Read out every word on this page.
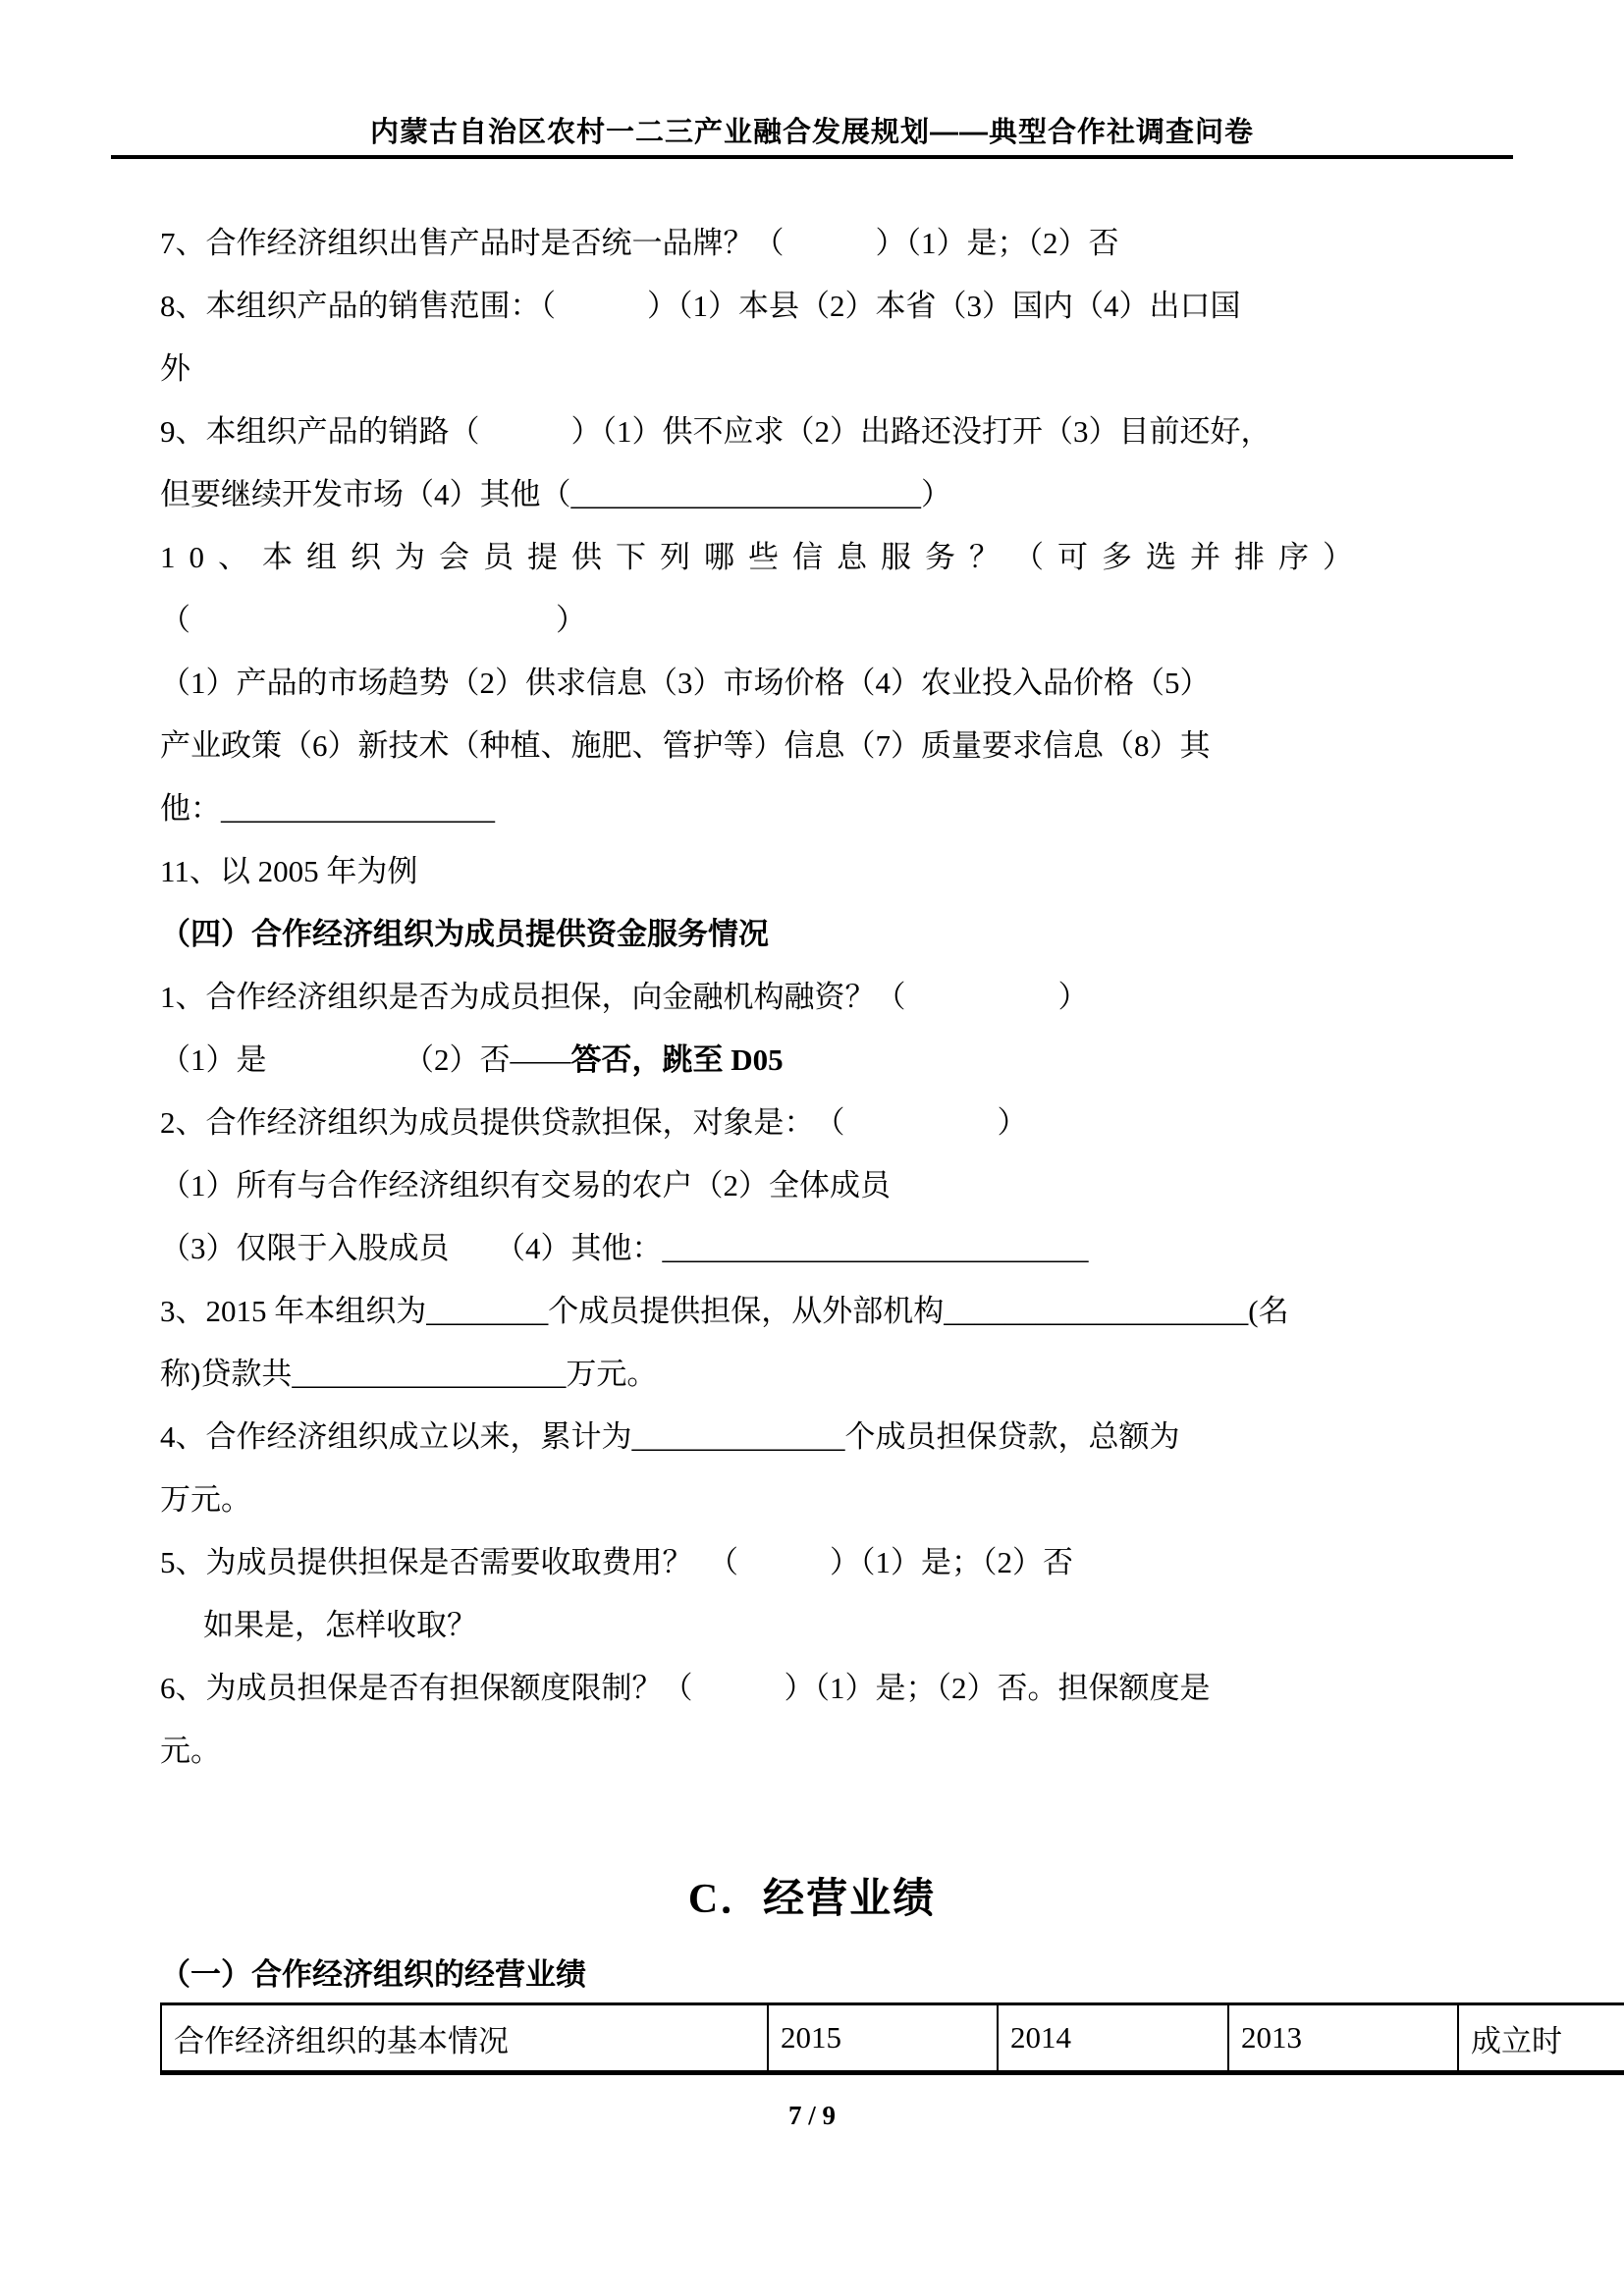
内蒙古自治区农村一二三产业融合发展规划——典型合作社调查问卷

7、合作经济组织出售产品时是否统一品牌？（　　　）（1）是；（2）否

8、本组织产品的销售范围：（　　　）（1）本县（2）本省（3）国内（4）出口国

外

9、本组织产品的销路（　　　）（1）供不应求（2）出路还没打开（3）目前还好，

但要继续开发市场（4）其他（_______________________）

10、本组织为会员提供下列哪些信息服务？（可多选并排序）

（　　　　　　　　　　　　）

（1）产品的市场趋势（2）供求信息（3）市场价格（4）农业投入品价格（5）

产业政策（6）新技术（种植、施肥、管护等）信息（7）质量要求信息（8）其

他：__________________

11、以 2005 年为例

（四）合作经济组织为成员提供资金服务情况

1、合作经济组织是否为成员担保，向金融机构融资？（　　　　　）

（1）是　　　　　（2）否——答否，跳至 D05

2、合作经济组织为成员提供贷款担保，对象是：　（　　　　　）

（1）所有与合作经济组织有交易的农户（2）全体成员

（3）仅限于入股成员　　（4）其他：____________________________

3、2015 年本组织为________个成员提供担保，从外部机构____________________(名

称)贷款共__________________万元。

4、合作经济组织成立以来，累计为______________个成员担保贷款，总额为

万元。

5、为成员提供担保是否需要收取费用？　（　　　）（1）是；（2）否

如果是，怎样收取？

6、为成员担保是否有担保额度限制？（　　　）（1）是；（2）否。担保额度是

元。

C．经营业绩
（一）合作经济组织的经营业绩
合作经济组织的基本情况	2015	2014	2013	成立时
7 / 9
